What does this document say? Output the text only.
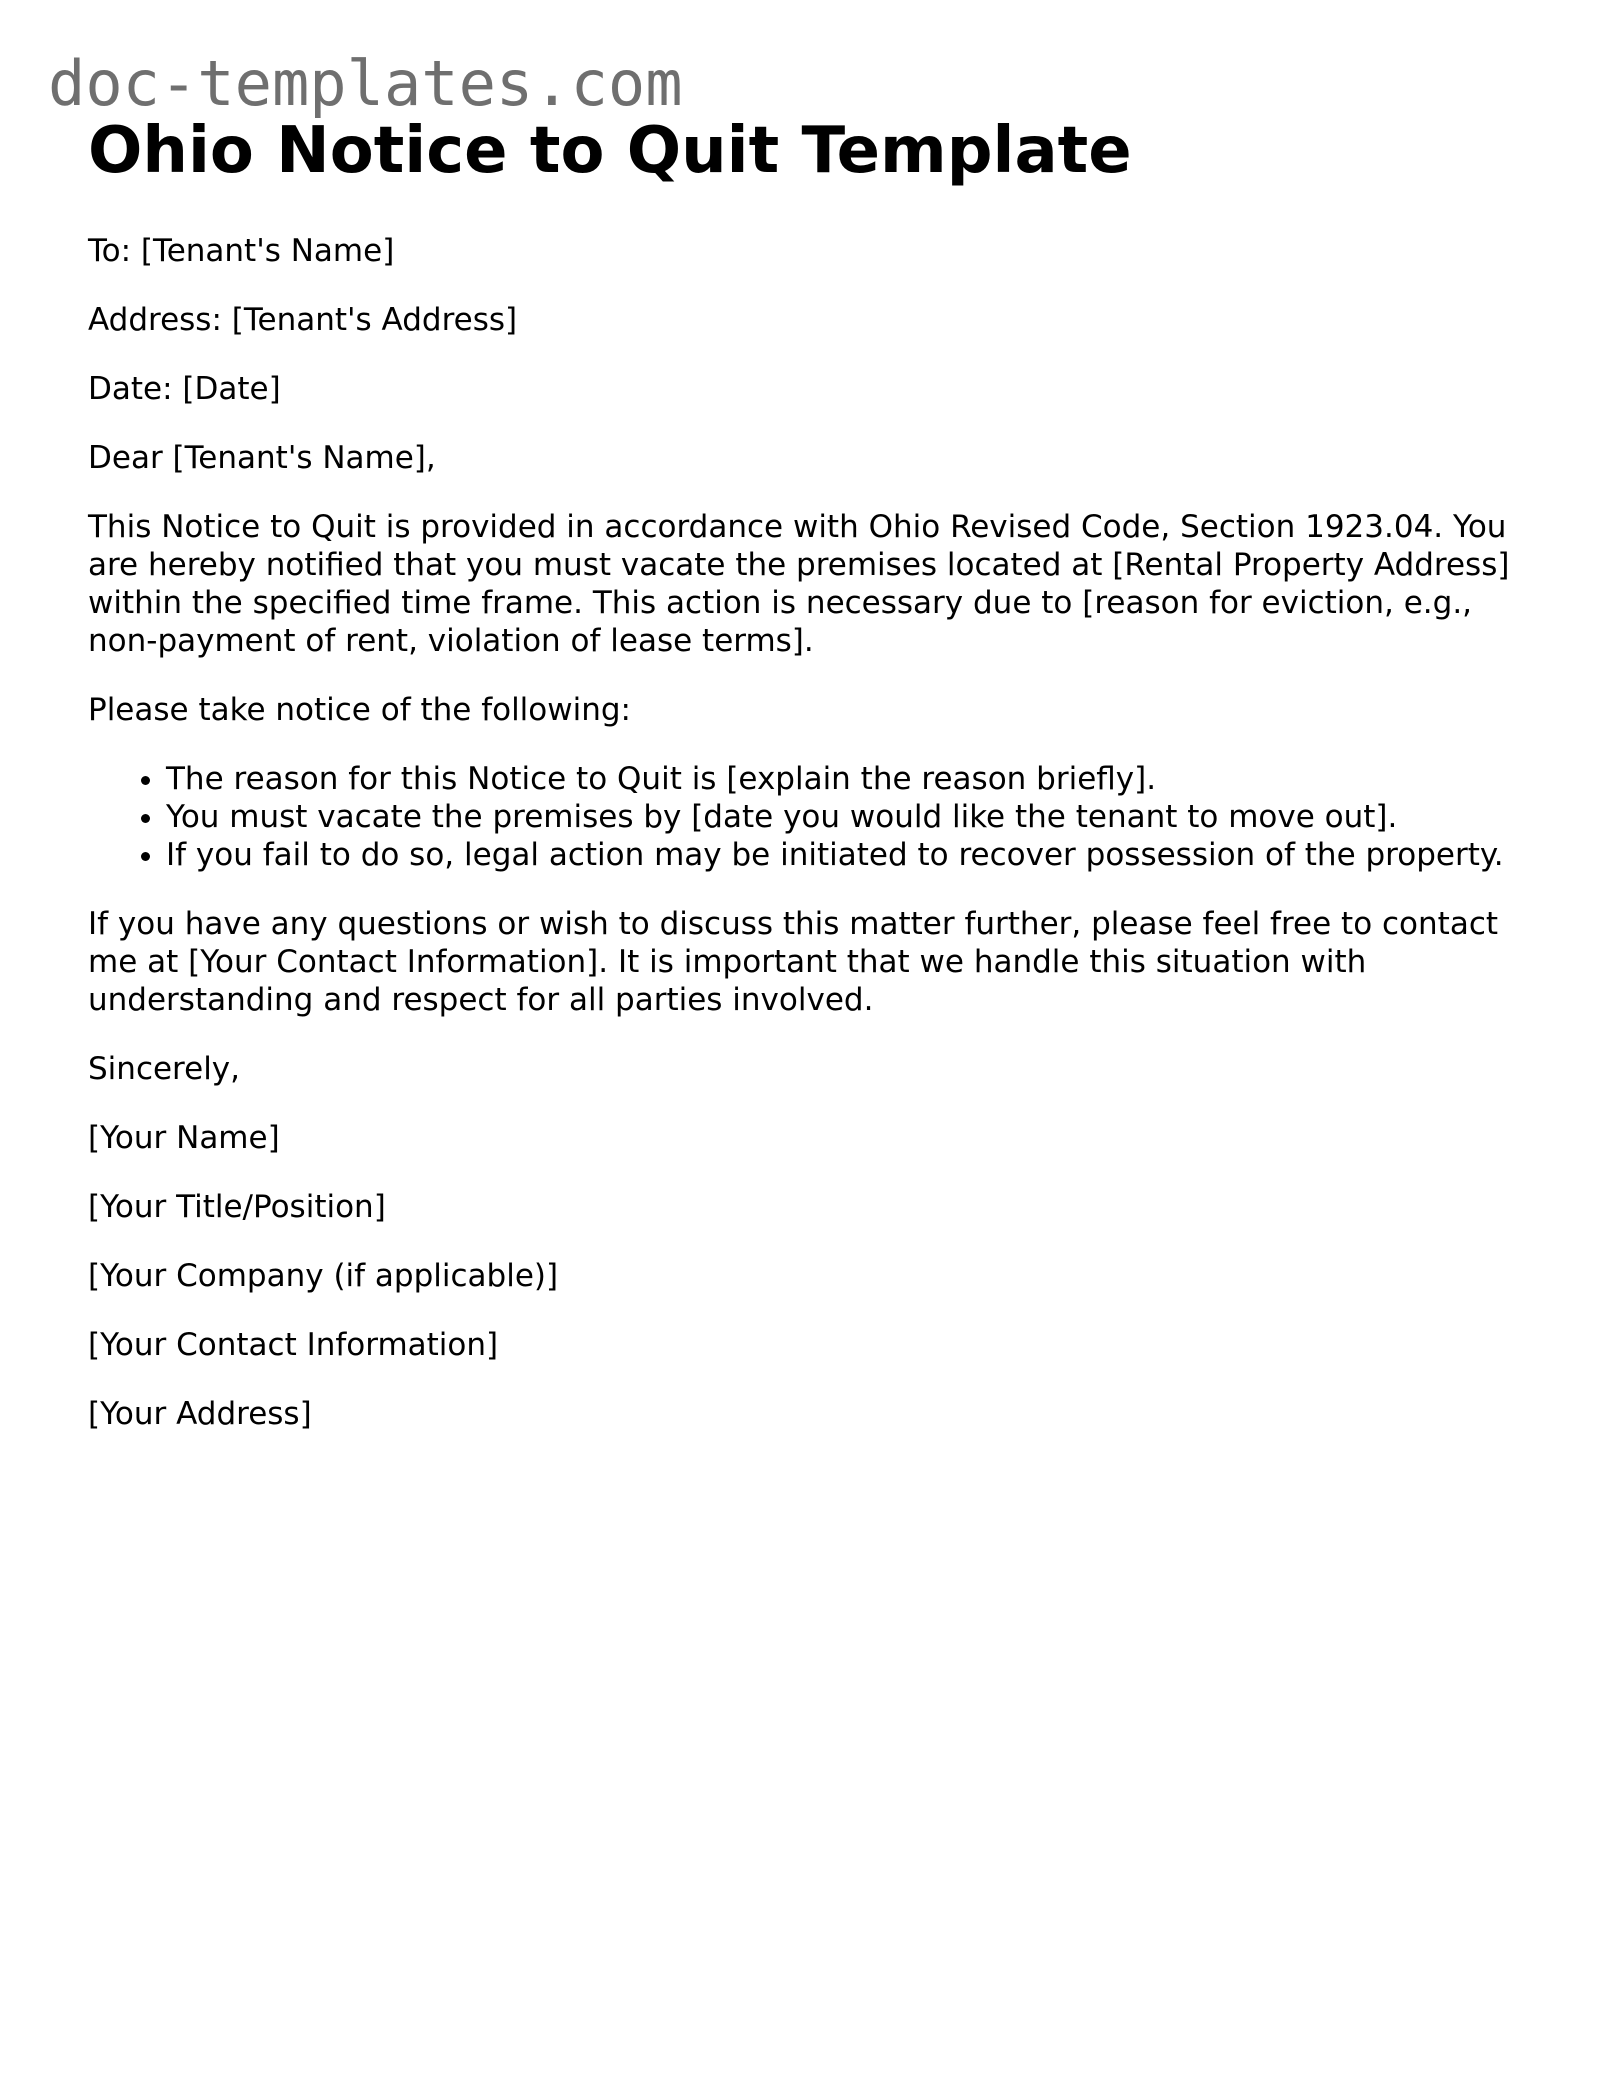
doc-templates.com
Ohio Notice to Quit Template

To: [Tenant's Name]

Address: [Tenant's Address]

Date: [Date]

Dear [Tenant's Name],

This Notice to Quit is provided in accordance with Ohio Revised Code, Section 1923.04. You are hereby notified that you must vacate the premises located at [Rental Property Address] within the specified time frame. This action is necessary due to [reason for eviction, e.g., non-payment of rent, violation of lease terms].

Please take notice of the following:

• The reason for this Notice to Quit is [explain the reason briefly].
• You must vacate the premises by [date you would like the tenant to move out].
• If you fail to do so, legal action may be initiated to recover possession of the property.

If you have any questions or wish to discuss this matter further, please feel free to contact me at [Your Contact Information]. It is important that we handle this situation with understanding and respect for all parties involved.

Sincerely,

[Your Name]

[Your Title/Position]

[Your Company (if applicable)]

[Your Contact Information]

[Your Address]
